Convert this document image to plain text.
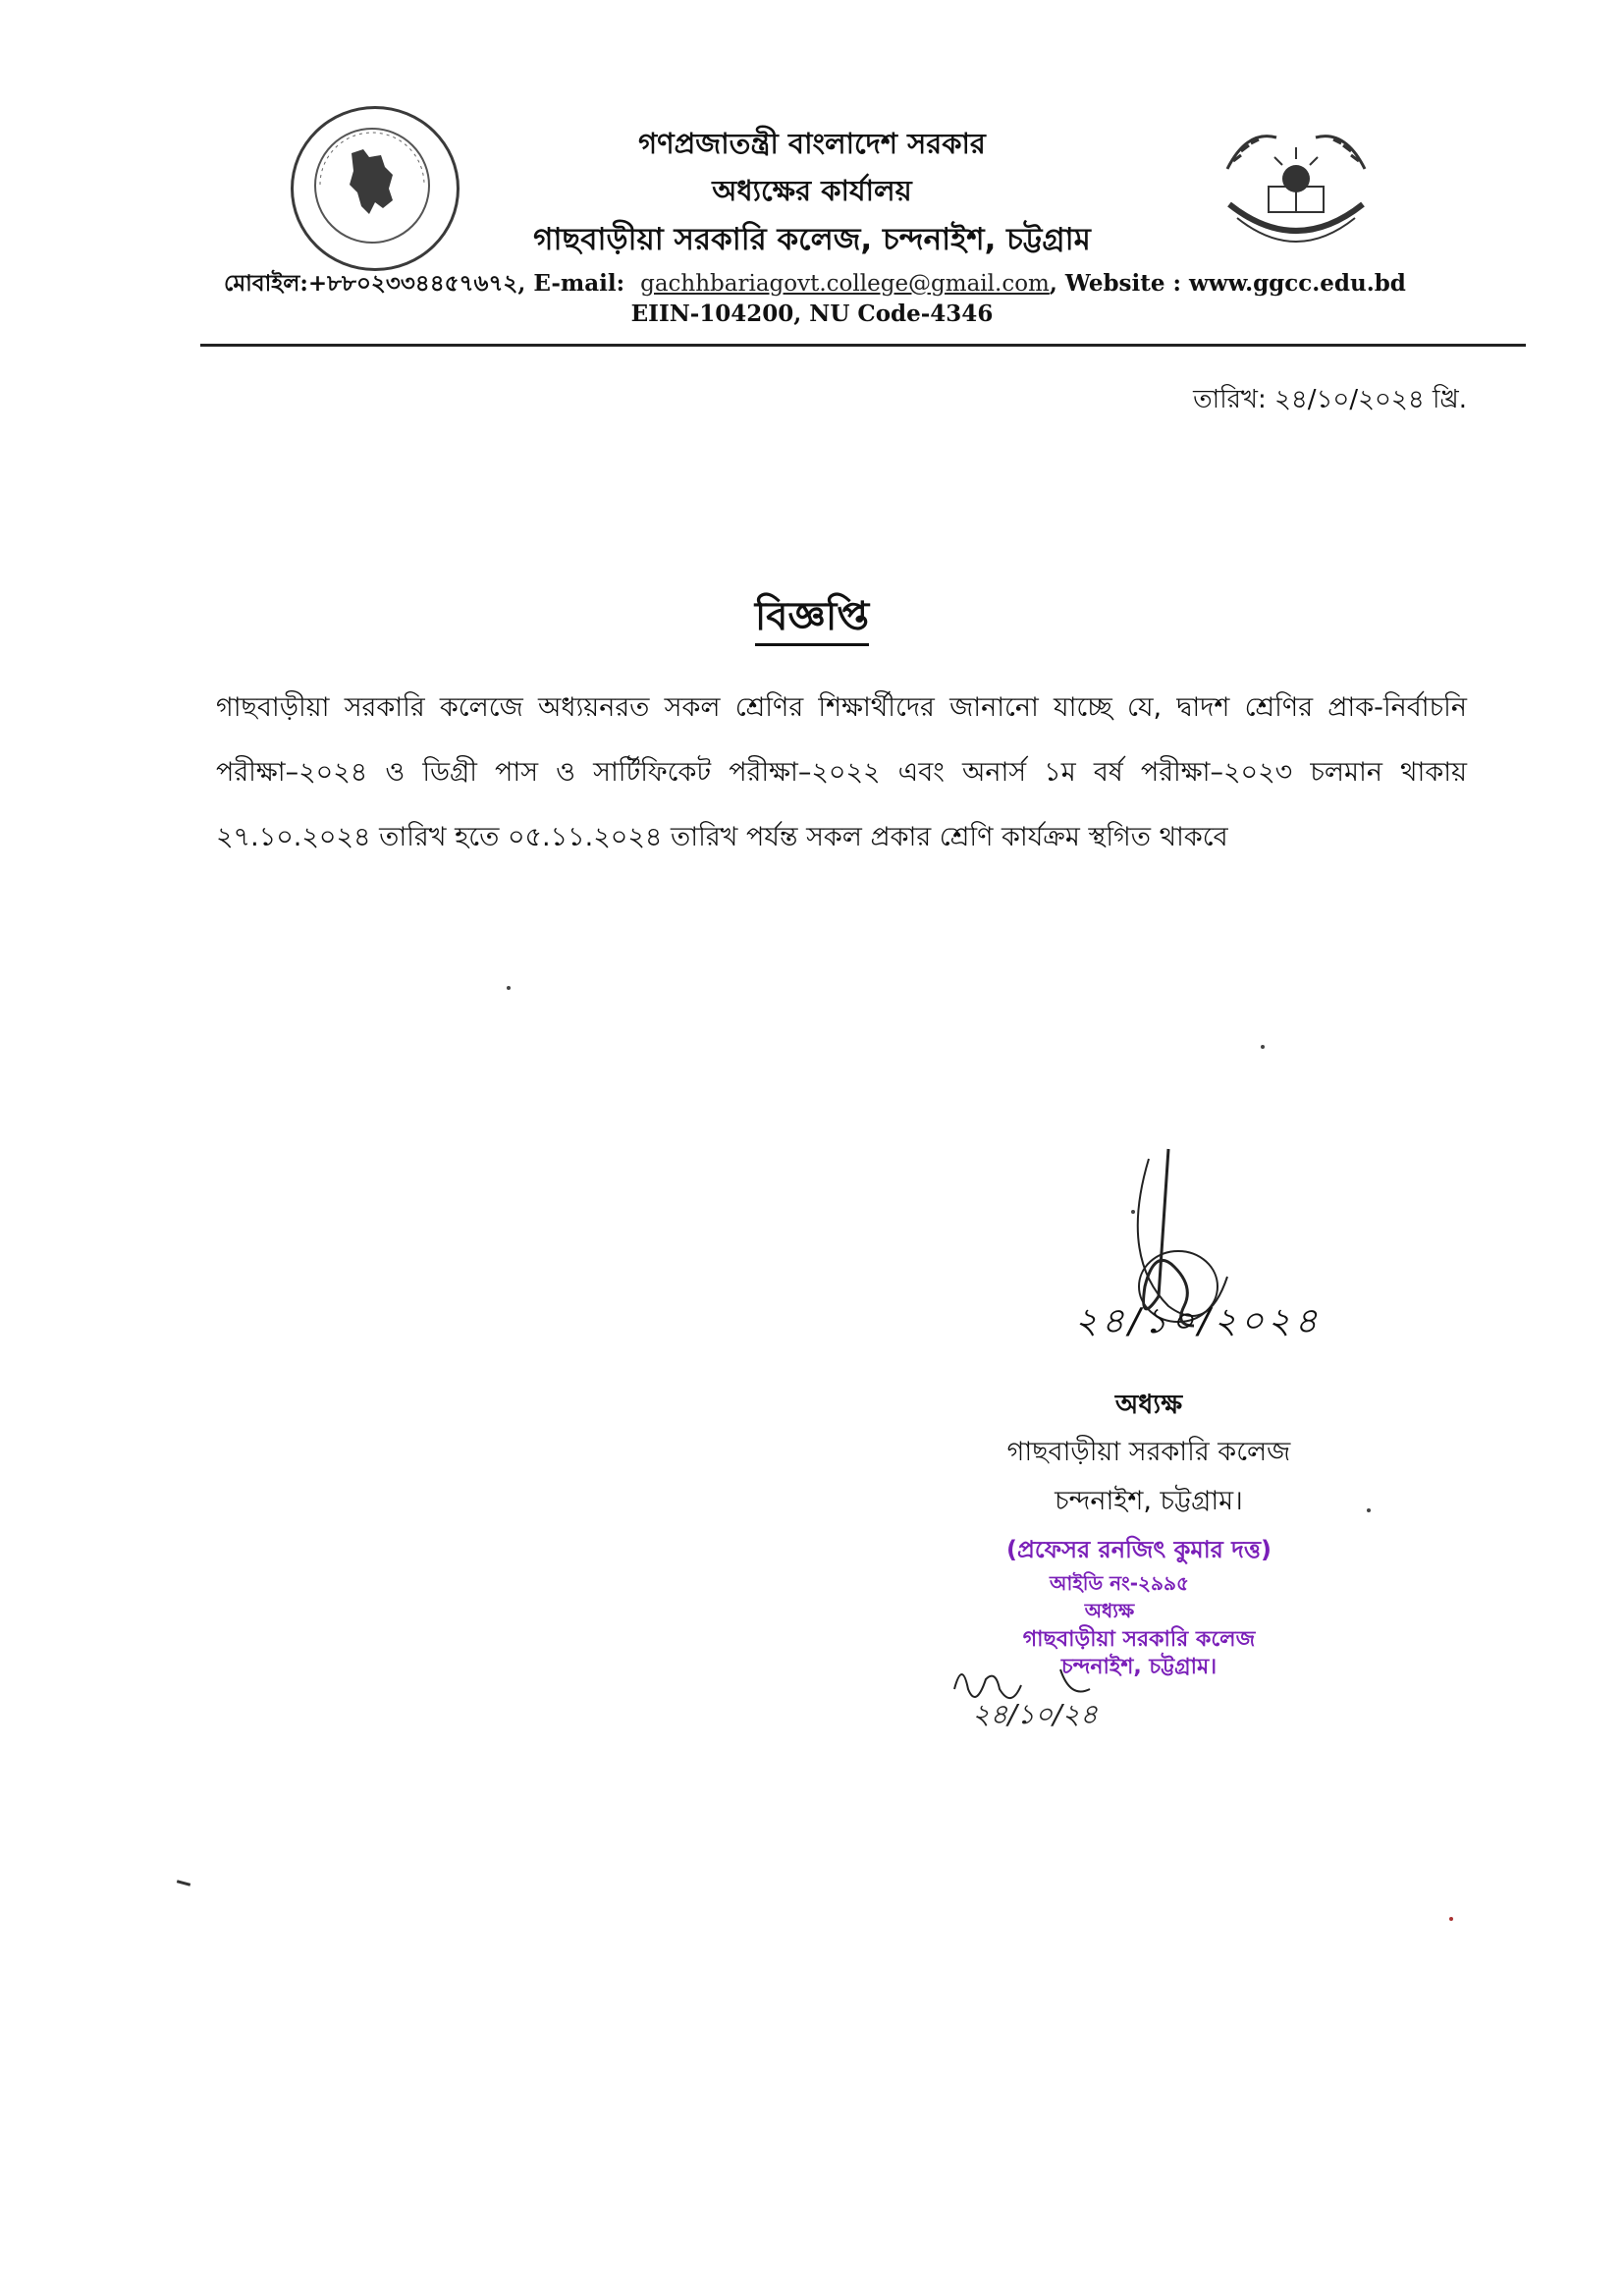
গণপ্রজাতন্ত্রী বাংলাদেশ সরকার
অধ্যক্ষের কার্যালয়
গাছবাড়ীয়া সরকারি কলেজ, চন্দনাইশ, চট্টগ্রাম
মোবাইল:+৮৮০২৩৩৪৪৫৭৬৭২, E-mail: gachhbariagovt.college@gmail.com, Website : www.ggcc.edu.bd
EIIN-104200, NU Code-4346
তারিখ: ২৪/১০/২০২৪ খ্রি.
বিজ্ঞপ্তি
গাছবাড়ীয়া সরকারি কলেজে অধ্যয়নরত সকল শ্রেণির শিক্ষার্থীদের জানানো যাচ্ছে যে, দ্বাদশ শ্রেণির প্রাক-নির্বাচনি পরীক্ষা–২০২৪ ও ডিগ্রী পাস ও সার্টিফিকেট পরীক্ষা–২০২২ এবং অনার্স ১ম বর্ষ পরীক্ষা–২০২৩ চলমান থাকায় ২৭.১০.২০২৪ তারিখ হতে ০৫.১১.২০২৪ তারিখ পর্যন্ত সকল প্রকার শ্রেণি কার্যক্রম স্থগিত থাকবে
২৪/১০/২০২৪
অধ্যক্ষ
গাছবাড়ীয়া সরকারি কলেজ
চন্দনাইশ, চট্টগ্রাম।
(প্রফেসর রনজিৎ কুমার দত্ত)
আইডি নং-২৯৯৫
অধ্যক্ষ
গাছবাড়ীয়া সরকারি কলেজ
চন্দনাইশ, চট্টগ্রাম।
২৪/১০/২৪
